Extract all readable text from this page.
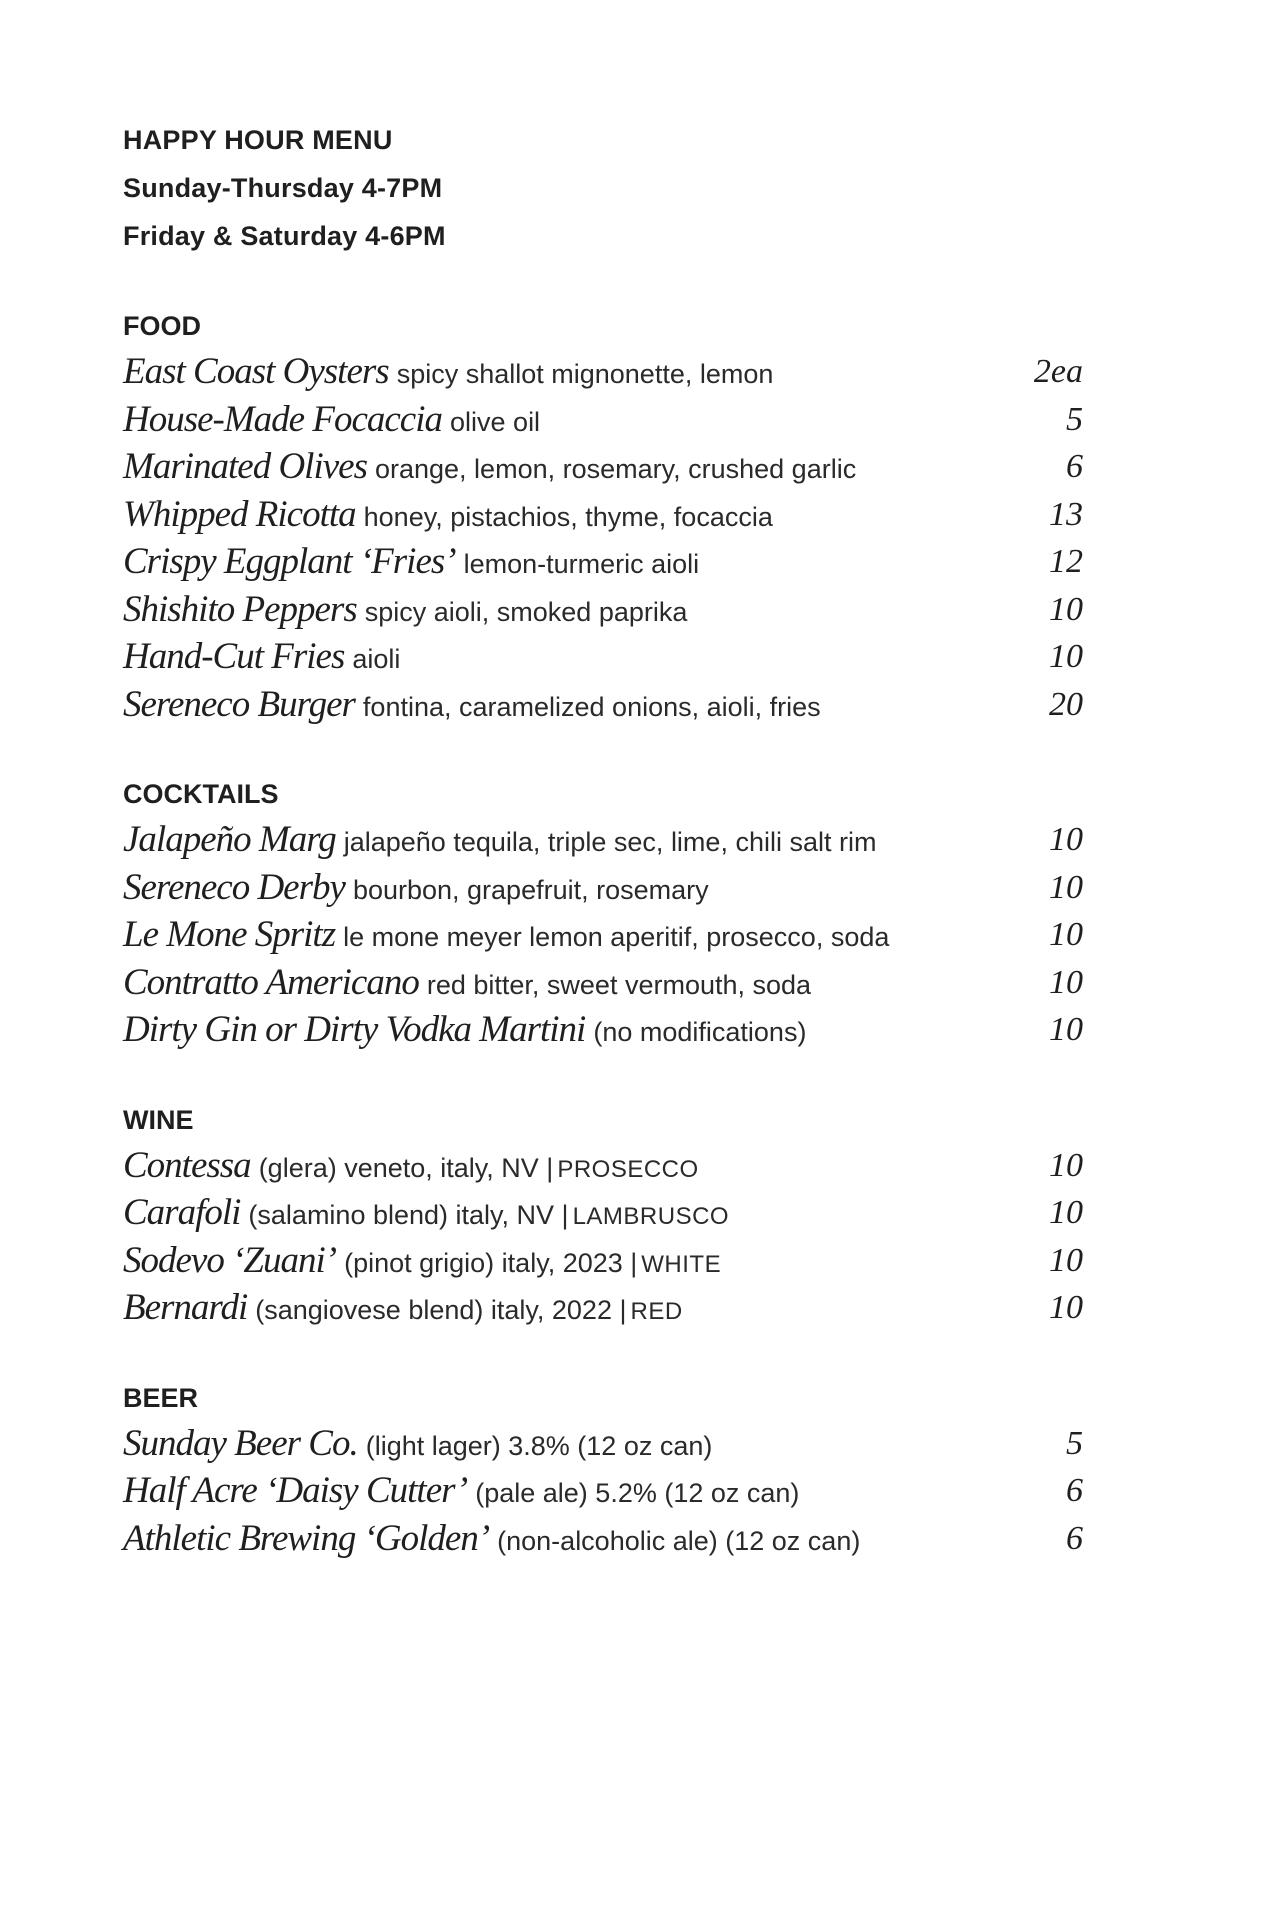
HAPPY HOUR MENU
Sunday-Thursday 4-7PM
Friday & Saturday 4-6PM
FOOD
East Coast Oysters spicy shallot mignonette, lemon	2ea
House-Made Focaccia olive oil	5
Marinated Olives orange, lemon, rosemary, crushed garlic	6
Whipped Ricotta honey, pistachios, thyme, focaccia	13
Crispy Eggplant ‘Fries’ lemon-turmeric aioli	12
Shishito Peppers spicy aioli, smoked paprika	10
Hand-Cut Fries aioli	10
Sereneco Burger fontina, caramelized onions, aioli, fries	20
COCKTAILS
Jalapeño Marg jalapeño tequila, triple sec, lime, chili salt rim	10
Sereneco Derby bourbon, grapefruit, rosemary	10
Le Mone Spritz le mone meyer lemon aperitif, prosecco, soda	10
Contratto Americano red bitter, sweet vermouth, soda	10
Dirty Gin or Dirty Vodka Martini (no modifications)	10
WINE
Contessa (glera) veneto, italy, NV | PROSECCO	10
Carafoli (salamino blend) italy, NV | LAMBRUSCO	10
Sodevo ‘Zuani’ (pinot grigio) italy, 2023 | WHITE	10
Bernardi (sangiovese blend) italy, 2022 | RED	10
BEER
Sunday Beer Co. (light lager) 3.8% (12 oz can)	5
Half Acre ‘Daisy Cutter’ (pale ale) 5.2% (12 oz can)	6
Athletic Brewing ‘Golden’ (non-alcoholic ale) (12 oz can)	6
